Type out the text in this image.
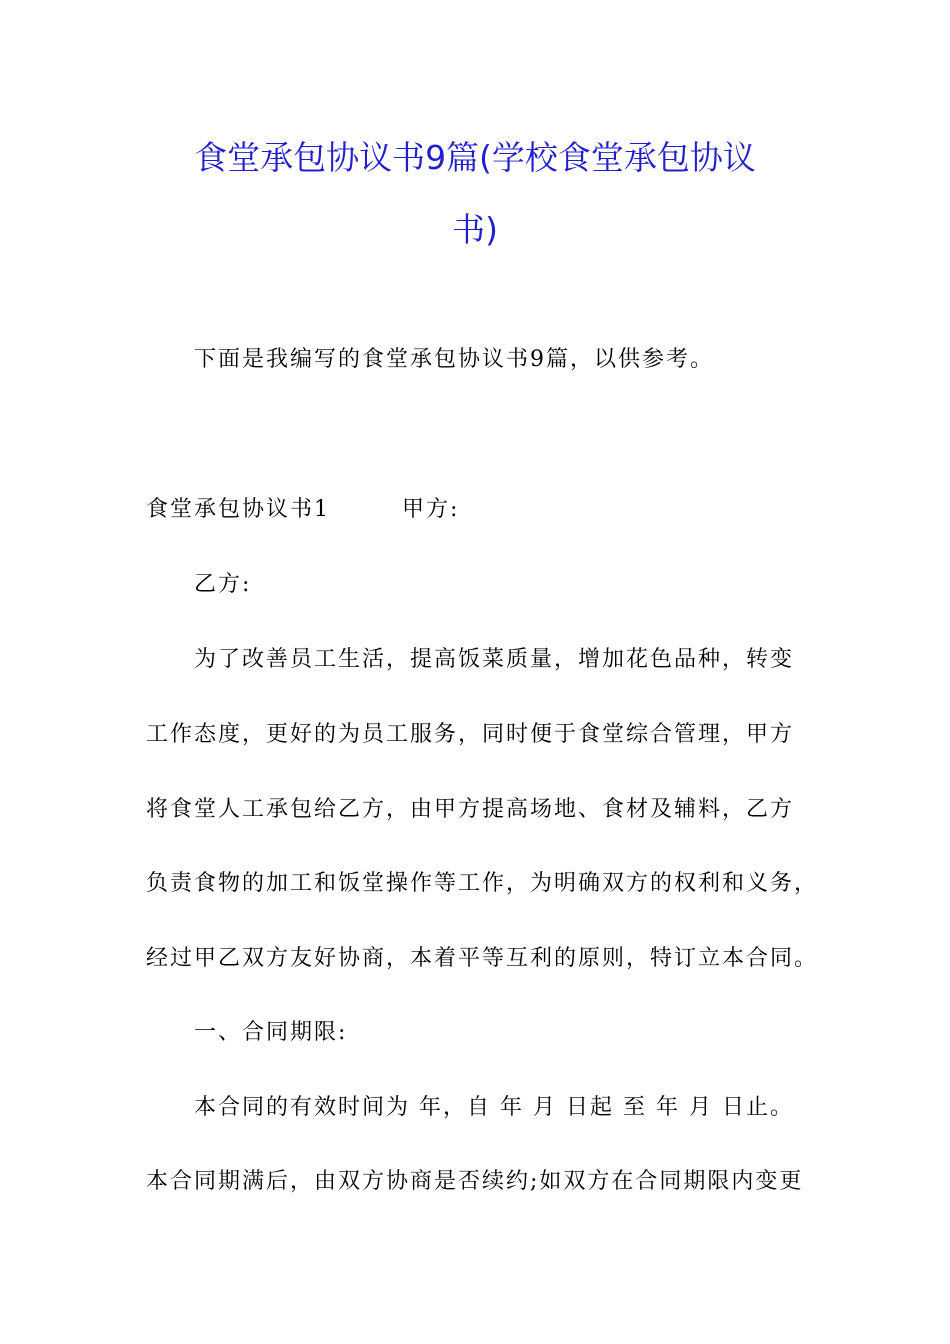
食堂承包协议书9篇(学校食堂承包协议
书)
下面是我编写的食堂承包协议书9篇，以供参考。
食堂承包协议书1　　　甲方:
乙方:
为了改善员工生活，提高饭菜质量，增加花色品种，转变
工作态度，更好的为员工服务，同时便于食堂综合管理，甲方
将食堂人工承包给乙方，由甲方提高场地、食材及辅料，乙方
负责食物的加工和饭堂操作等工作，为明确双方的权利和义务，
经过甲乙双方友好协商，本着平等互利的原则，特订立本合同。
一、合同期限:
本合同的有效时间为 年，自 年 月 日起 至 年 月 日止。
本合同期满后，由双方协商是否续约;如双方在合同期限内变更
